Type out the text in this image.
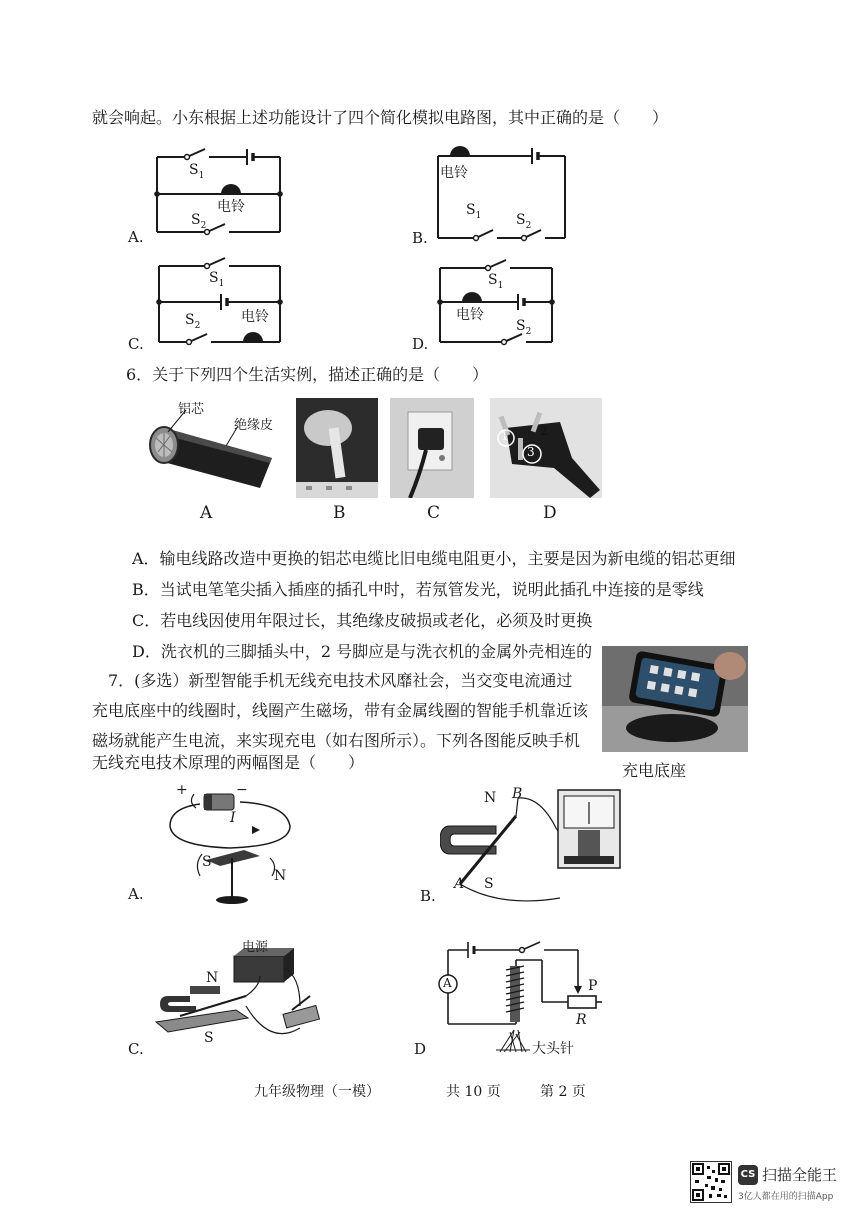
就会响起。小东根据上述功能设计了四个简化模拟电路图，其中正确的是（　　）
$S_1$
电铃
$S_2$
A.
电铃
$S_1$ $S_2$
B.
$S_1$
电铃
$S_2$
C.
$S_1$
电铃
$S_2$
D.
6．关于下列四个生活实例，描述正确的是（　　）
铝芯
绝缘皮
1	2
3
A	B	C	D
A．输电线路改造中更换的铝芯电缆比旧电缆电阻更小，主要是因为新电缆的铝芯更细
B．当试电笔笔尖插入插座的插孔中时，若氖管发光，说明此插孔中连接的是零线
C．若电线因使用年限过长，其绝缘皮破损或老化，必须及时更换
D．洗衣机的三脚插头中，2 号脚应是与洗衣机的金属外壳相连的
7．(多选）新型智能手机无线充电技术风靡社会，当交变电流通过
充电底座中的线圈时，线圈产生磁场，带有金属线圈的智能手机靠近该
磁场就能产生电流，来实现充电（如右图所示）。下列各图能反映手机
无线充电技术原理的两幅图是（　　）	充电底座
+	−
I
S
N
A.
N B
A S
B.
电源
N
S
C.
A	P
R
大头针
D
九年级物理（一模）	共 10 页	第 2 页
CS 扫描全能王
3亿人都在用的扫描App
